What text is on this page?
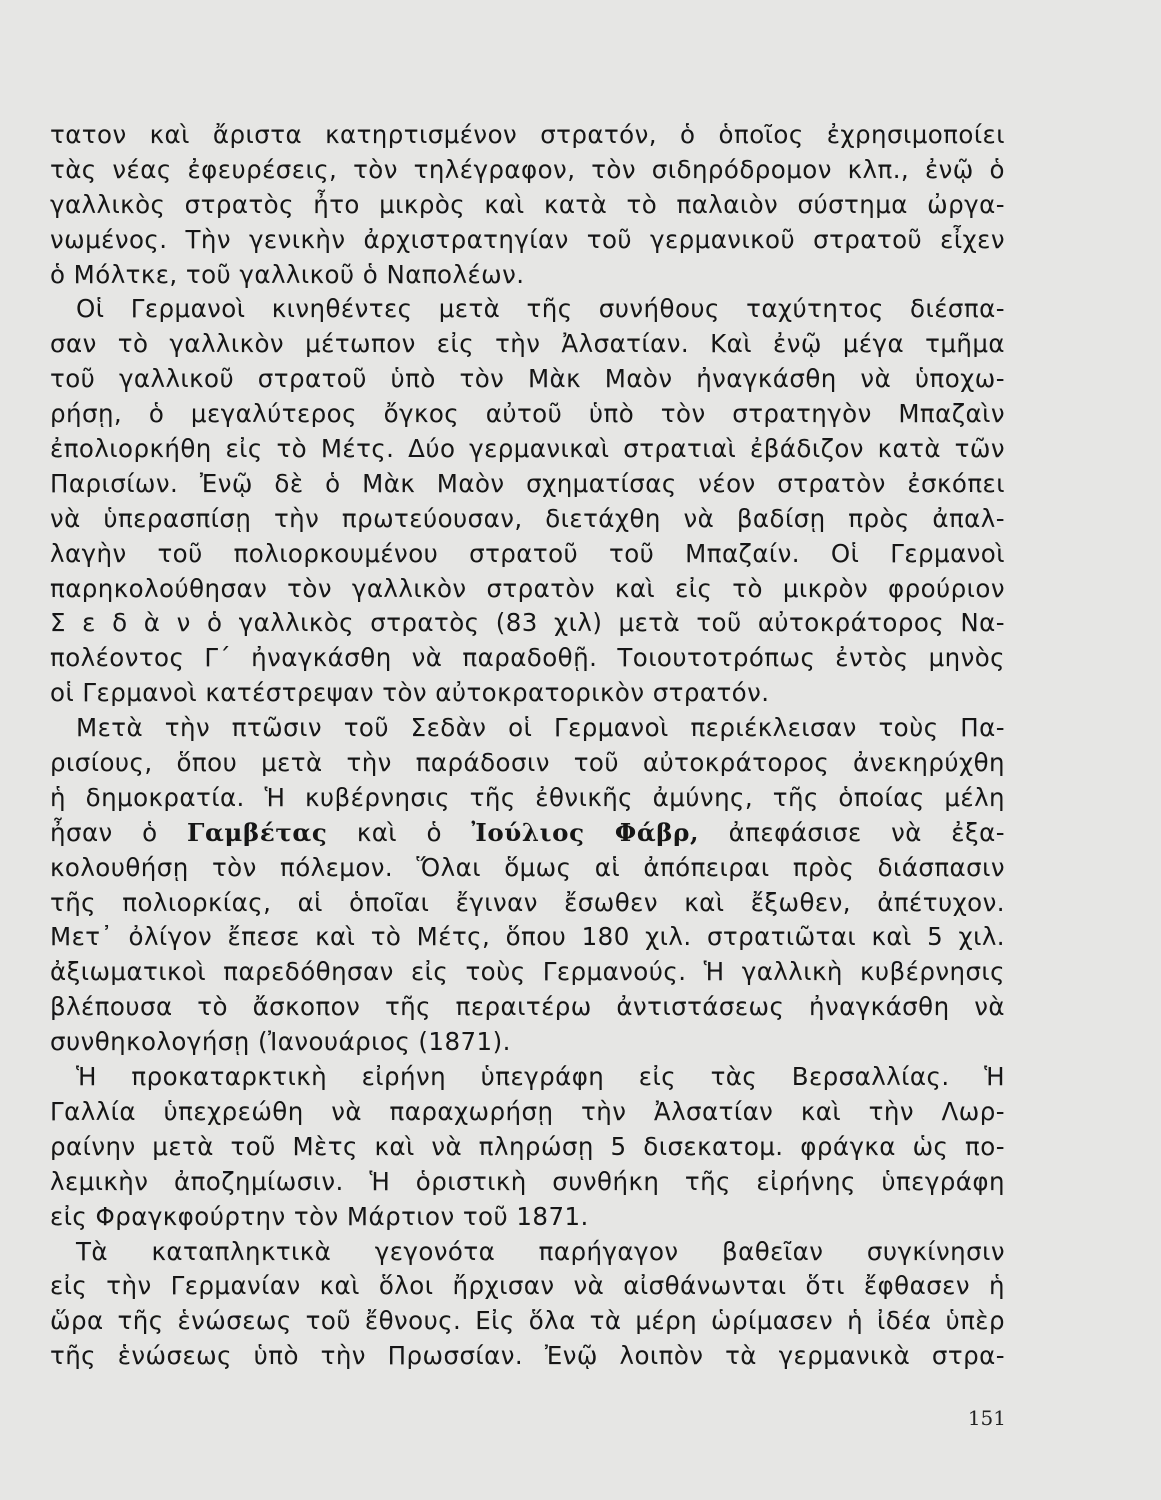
τατον καὶ ἄριστα κατηρτισμένον στρατόν, ὁ ὁποῖος ἐχρησιμοποίει
τὰς νέας ἐφευρέσεις, τὸν τηλέγραφον, τὸν σιδηρόδρομον κλπ., ἐνῷ ὁ
γαλλικὸς στρατὸς ἦτο μικρὸς καὶ κατὰ τὸ παλαιὸν σύστημα ὠργα-
νωμένος. Τὴν γενικὴν ἀρχιστρατηγίαν τοῦ γερμανικοῦ στρατοῦ εἶχεν
ὁ Μόλτκε, τοῦ γαλλικοῦ ὁ Ναπολέων.
Οἱ Γερμανοὶ κινηθέντες μετὰ τῆς συνήθους ταχύτητος διέσπα-
σαν τὸ γαλλικὸν μέτωπον εἰς τὴν Ἀλσατίαν. Καὶ ἐνῷ μέγα τμῆμα
τοῦ γαλλικοῦ στρατοῦ ὑπὸ τὸν Μὰκ Μαὸν ἠναγκάσθη νὰ ὑποχω-
ρήσῃ, ὁ μεγαλύτερος ὄγκος αὐτοῦ ὑπὸ τὸν στρατηγὸν Μπαζαὶν
ἐπολιορκήθη εἰς τὸ Μέτς. Δύο γερμανικαὶ στρατιαὶ ἐβάδιζον κατὰ τῶν
Παρισίων. Ἐνῷ δὲ ὁ Μὰκ Μαὸν σχηματίσας νέον στρατὸν ἐσκόπει
νὰ ὑπερασπίσῃ τὴν πρωτεύουσαν, διετάχθη νὰ βαδίσῃ πρὸς ἀπαλ-
λαγὴν τοῦ πολιορκουμένου στρατοῦ τοῦ Μπαζαίν. Οἱ Γερμανοὶ
παρηκολούθησαν τὸν γαλλικὸν στρατὸν καὶ εἰς τὸ μικρὸν φρούριον
Σ ε δ ὰ ν ὁ γαλλικὸς στρατὸς (83 χιλ) μετὰ τοῦ αὐτοκράτορος Να-
πολέοντος Γ΄ ἠναγκάσθη νὰ παραδοθῇ. Τοιουτοτρόπως ἐντὸς μηνὸς
οἱ Γερμανοὶ κατέστρεψαν τὸν αὐτοκρατορικὸν στρατόν.
Μετὰ τὴν πτῶσιν τοῦ Σεδὰν οἱ Γερμανοὶ περιέκλεισαν τοὺς Πα-
ρισίους, ὅπου μετὰ τὴν παράδοσιν τοῦ αὐτοκράτορος ἀνεκηρύχθη
ἡ δημοκρατία. Ἡ κυβέρνησις τῆς ἐθνικῆς ἀμύνης, τῆς ὁποίας μέλη
ἦσαν ὁ Γαμβέτας καὶ ὁ Ἰούλιος Φάβρ, ἀπεφάσισε νὰ ἐξα-
κολουθήσῃ τὸν πόλεμον. Ὅλαι ὅμως αἱ ἀπόπειραι πρὸς διάσπασιν
τῆς πολιορκίας, αἱ ὁποῖαι ἔγιναν ἔσωθεν καὶ ἔξωθεν, ἀπέτυχον.
Μετ᾿ ὀλίγον ἔπεσε καὶ τὸ Μέτς, ὅπου 180 χιλ. στρατιῶται καὶ 5 χιλ.
ἀξιωματικοὶ παρεδόθησαν εἰς τοὺς Γερμανούς. Ἡ γαλλικὴ κυβέρνησις
βλέπουσα τὸ ἄσκοπον τῆς περαιτέρω ἀντιστάσεως ἠναγκάσθη νὰ
συνθηκολογήσῃ (Ἰανουάριος (1871).
Ἡ προκαταρκτικὴ εἰρήνη ὑπεγράφη εἰς τὰς Βερσαλλίας. Ἡ
Γαλλία ὑπεχρεώθη νὰ παραχωρήσῃ τὴν Ἀλσατίαν καὶ τὴν Λωρ-
ραίνην μετὰ τοῦ Μὲτς καὶ νὰ πληρώσῃ 5 δισεκατομ. φράγκα ὡς πο-
λεμικὴν ἀποζημίωσιν. Ἡ ὁριστικὴ συνθήκη τῆς εἰρήνης ὑπεγράφη
εἰς Φραγκφούρτην τὸν Μάρτιον τοῦ 1871.
Τὰ καταπληκτικὰ γεγονότα παρήγαγον βαθεῖαν συγκίνησιν
εἰς τὴν Γερμανίαν καὶ ὅλοι ἤρχισαν νὰ αἰσθάνωνται ὅτι ἔφθασεν ἡ
ὥρα τῆς ἑνώσεως τοῦ ἔθνους. Εἰς ὅλα τὰ μέρη ὡρίμασεν ἡ ἰδέα ὑπὲρ
τῆς ἑνώσεως ὑπὸ τὴν Πρωσσίαν. Ἐνῷ λοιπὸν τὰ γερμανικὰ στρα-
151
